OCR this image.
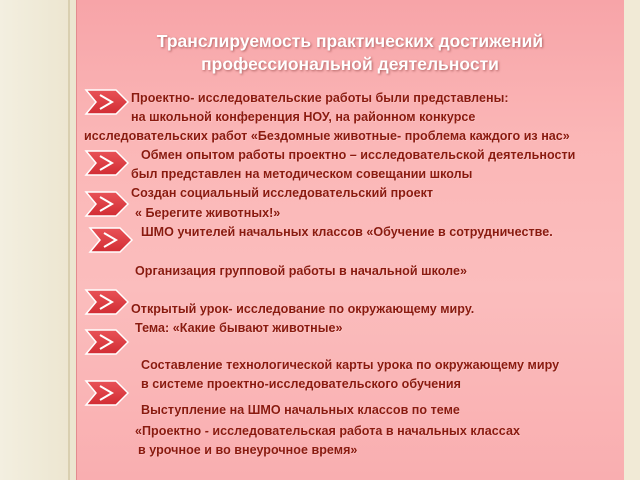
Транслируемость практических достижений
профессиональной деятельности
Проектно- исследовательские работы были представлены:
на школьной конференция НОУ, на районном конкурсе
исследовательских работ «Бездомные животные- проблема каждого из нас»
Обмен опытом работы проектно – исследовательской деятельности
был представлен на методическом совещании школы
Создан социальный исследовательский проект
« Берегите животных!»
ШМО учителей начальных классов «Обучение в сотрудничестве.
Организация групповой работы в начальной школе»
Открытый урок- исследование по окружающему миру.
Тема: «Какие бывают животные»
Составление технологической карты урока по окружающему миру
в системе проектно-исследовательского обучения
Выступление на ШМО начальных классов по теме
«Проектно - исследовательская работа в начальных классах
в урочное и во внеурочное время»
